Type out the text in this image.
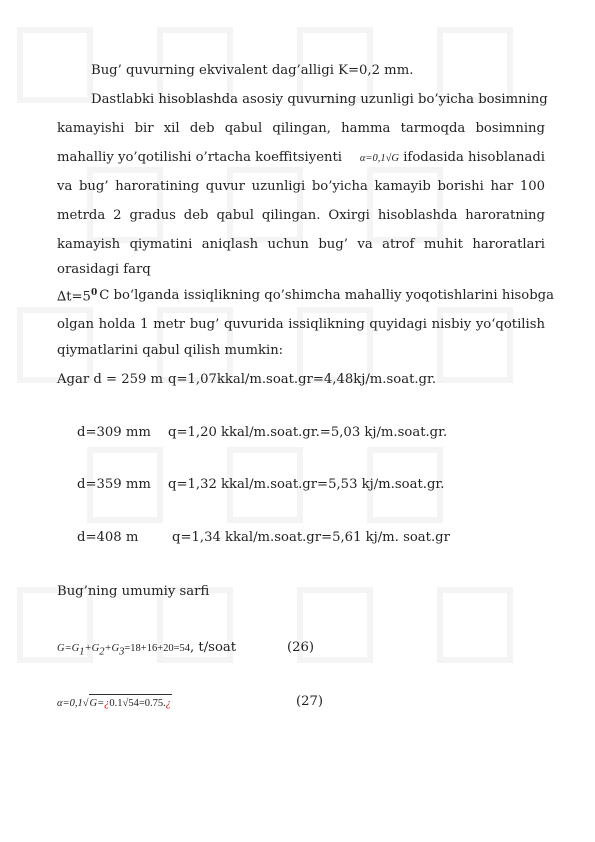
Bug’ quvurning ekvivalent dag’alligi K=0,2 mm.
Dastlabki hisoblashda asosiy quvurning uzunligi bo’yicha bosimning
kamayishi bir xil deb qabul qilingan, hamma tarmoqda bosimning
mahalliy yo’qotilishi o’rtacha koeffitsiyenti α=0,1√G ifodasida hisoblanadi
va bug’ haroratining quvur uzunligi bo’yicha kamayib borishi har 100
metrda 2 gradus deb qabul qilingan. Oxirgi hisoblashda haroratning
kamayish qiymatini aniqlash uchun bug’ va atrof muhit haroratlari
orasidagi farq
$\Delta t=5^0$ C bo‘lganda issiqlikning qo’shimcha mahalliy yoqotishlarini hisobga
olgan holda 1 metr bug’ quvurida issiqlikning quyidagi nisbiy yo‘qotilish
qiymatlarini qabul qilish mumkin:
Agar d = 259 m q=1,07kkal/m.soat.gr=4,48kj/m.soat.gr.
d=309 mm q=1,20 kkal/m.soat.gr.=5,03 kj/m.soat.gr.
d=359 mm q=1,32 kkal/m.soat.gr=5,53 kj/m.soat.gr.
d=408 m	q=1,34 kkal/m.soat.gr=5,61 kj/m. soat.gr
Bug’ning umumiy sarfi
$G=G_1+G_2+G_3=18+16+20=54$, t/soat	(26)
α=0,1√G=¿0.1√54=0.75.¿	(27)
